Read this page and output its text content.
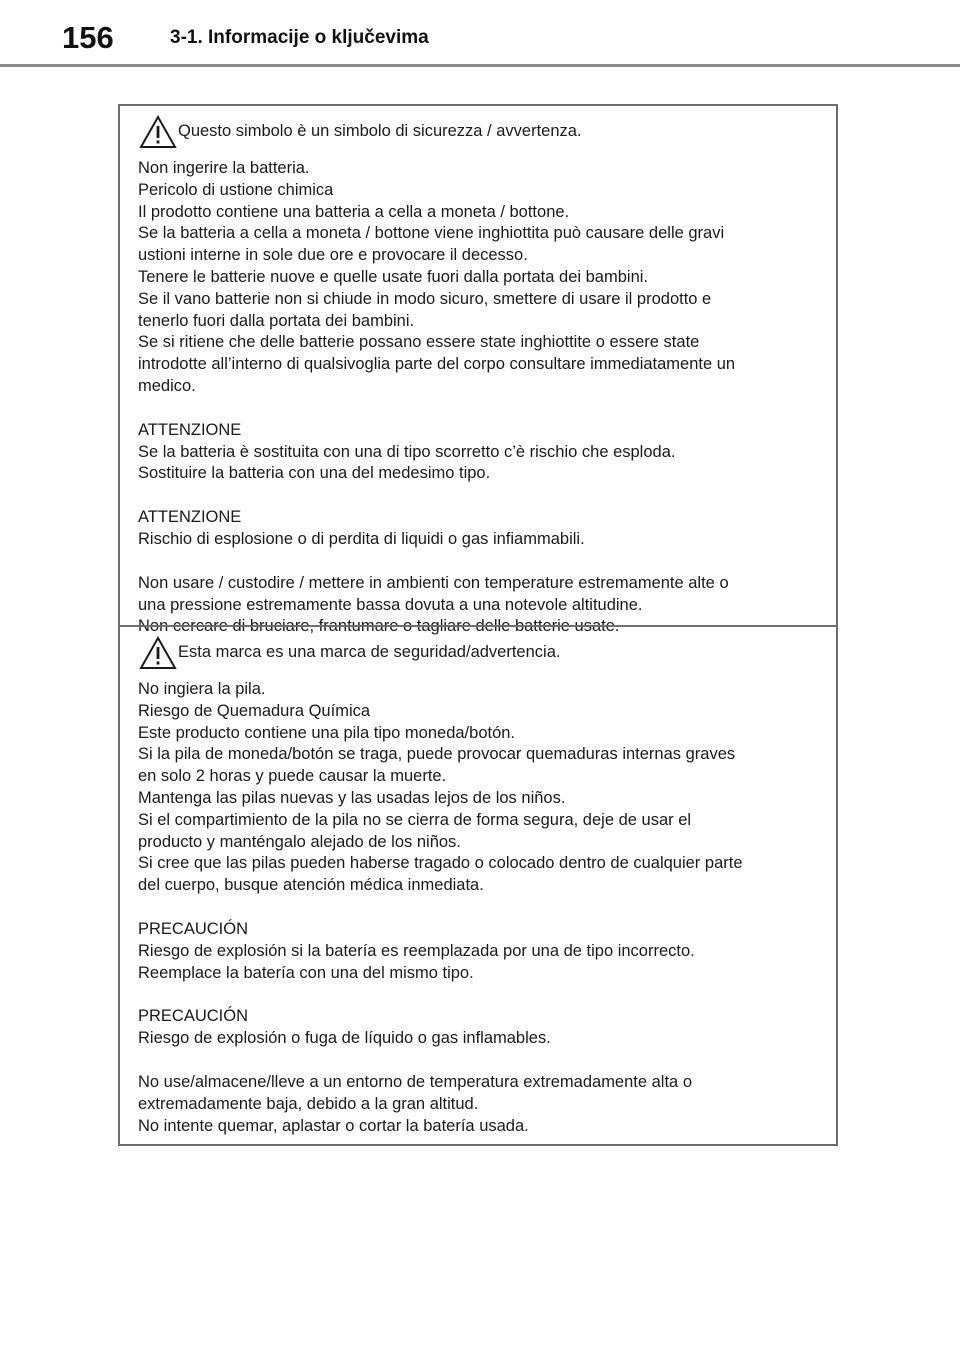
156	3-1. Informacije o ključevima
Questo simbolo è un simbolo di sicurezza / avvertenza.

Non ingerire la batteria.
Pericolo di ustione chimica
Il prodotto contiene una batteria a cella a moneta / bottone.
Se la batteria a cella a moneta / bottone viene inghiottita può causare delle gravi
ustioni interne in sole due ore e provocare il decesso.
Tenere le batterie nuove e quelle usate fuori dalla portata dei bambini.
Se il vano batterie non si chiude in modo sicuro, smettere di usare il prodotto e
tenerlo fuori dalla portata dei bambini.
Se si ritiene che delle batterie possano essere state inghiottite o essere state
introdotte all’interno di qualsivoglia parte del corpo consultare immediatamente un
medico.

ATTENZIONE
Se la batteria è sostituita con una di tipo scorretto c’è rischio che esploda.
Sostituire la batteria con una del medesimo tipo.

ATTENZIONE
Rischio di esplosione o di perdita di liquidi o gas infiammabili.

Non usare / custodire / mettere in ambienti con temperature estremamente alte o
una pressione estremamente bassa dovuta a una notevole altitudine.
Non cercare di bruciare, frantumare o tagliare delle batterie usate.

Esta marca es una marca de seguridad/advertencia.

No ingiera la pila.
Riesgo de Quemadura Química
Este producto contiene una pila tipo moneda/botón.
Si la pila de moneda/botón se traga, puede provocar quemaduras internas graves
en solo 2 horas y puede causar la muerte.
Mantenga las pilas nuevas y las usadas lejos de los niños.
Si el compartimiento de la pila no se cierra de forma segura, deje de usar el
producto y manténgalo alejado de los niños.
Si cree que las pilas pueden haberse tragado o colocado dentro de cualquier parte
del cuerpo, busque atención médica inmediata.

PRECAUCIÓN
Riesgo de explosión si la batería es reemplazada por una de tipo incorrecto.
Reemplace la batería con una del mismo tipo.

PRECAUCIÓN
Riesgo de explosión o fuga de líquido o gas inflamables.

No use/almacene/lleve a un entorno de temperatura extremadamente alta o
extremadamente baja, debido a la gran altitud.
No intente quemar, aplastar o cortar la batería usada.
